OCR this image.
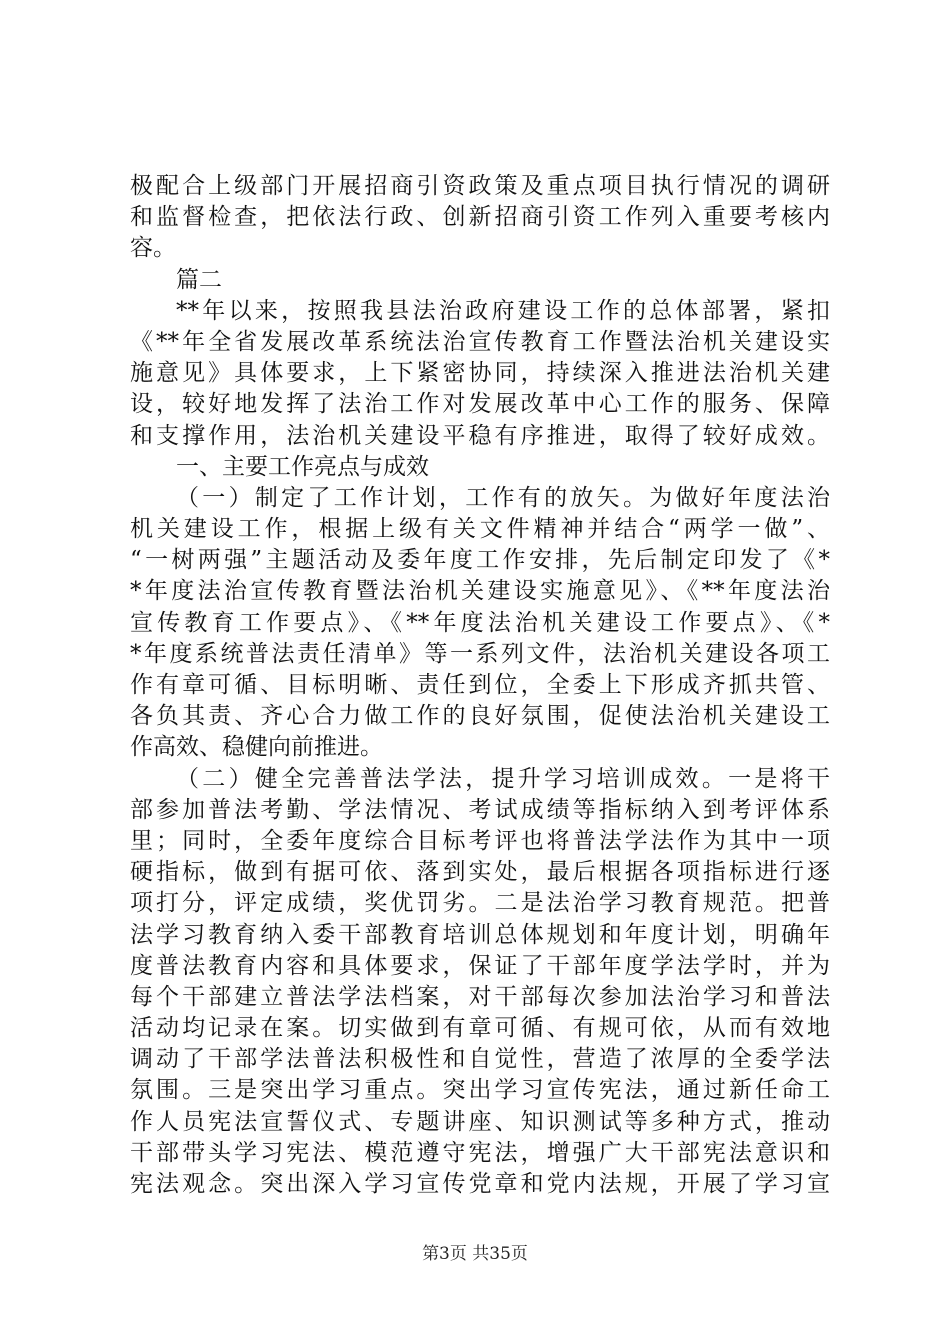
极配合上级部门开展招商引资政策及重点项目执行情况的调研
和监督检查，把依法行政、创新招商引资工作列入重要考核内
容。
篇二
**年以来，按照我县法治政府建设工作的总体部署，紧扣
《**年全省发展改革系统法治宣传教育工作暨法治机关建设实
施意见》具体要求，上下紧密协同，持续深入推进法治机关建
设，较好地发挥了法治工作对发展改革中心工作的服务、保障
和支撑作用，法治机关建设平稳有序推进，取得了较好成效。
一、主要工作亮点与成效
（一）制定了工作计划，工作有的放矢。为做好年度法治
机关建设工作，根据上级有关文件精神并结合“两学一做”、
“一树两强”主题活动及委年度工作安排，先后制定印发了《*
*年度法治宣传教育暨法治机关建设实施意见》、《**年度法治
宣传教育工作要点》、《**年度法治机关建设工作要点》、《*
*年度系统普法责任清单》等一系列文件，法治机关建设各项工
作有章可循、目标明晰、责任到位，全委上下形成齐抓共管、
各负其责、齐心合力做工作的良好氛围，促使法治机关建设工
作高效、稳健向前推进。
（二）健全完善普法学法，提升学习培训成效。一是将干
部参加普法考勤、学法情况、考试成绩等指标纳入到考评体系
里；同时，全委年度综合目标考评也将普法学法作为其中一项
硬指标，做到有据可依、落到实处，最后根据各项指标进行逐
项打分，评定成绩，奖优罚劣。二是法治学习教育规范。把普
法学习教育纳入委干部教育培训总体规划和年度计划，明确年
度普法教育内容和具体要求，保证了干部年度学法学时，并为
每个干部建立普法学法档案，对干部每次参加法治学习和普法
活动均记录在案。切实做到有章可循、有规可依，从而有效地
调动了干部学法普法积极性和自觉性，营造了浓厚的全委学法
氛围。三是突出学习重点。突出学习宣传宪法，通过新任命工
作人员宪法宣誓仪式、专题讲座、知识测试等多种方式，推动
干部带头学习宪法、模范遵守宪法，增强广大干部宪法意识和
宪法观念。突出深入学习宣传党章和党内法规，开展了学习宣
第3页 共35页
